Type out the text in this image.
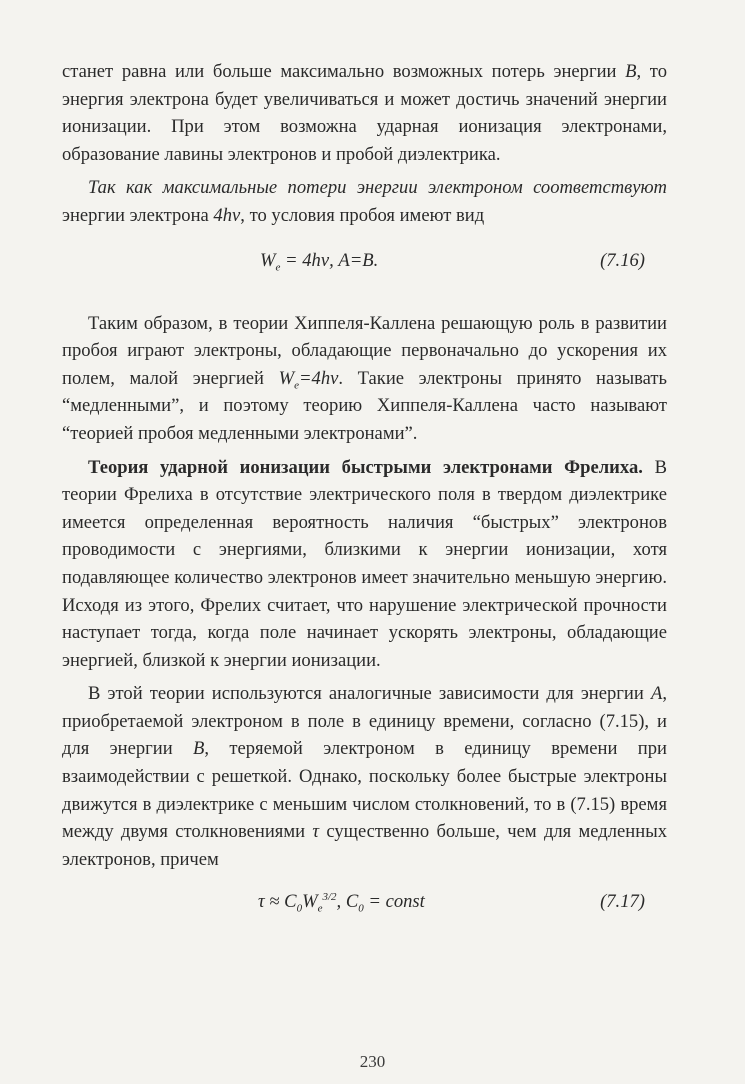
станет равна или больше максимально возможных потерь энергии B, то энергия электрона будет увеличиваться и может достичь значений энергии ионизации. При этом возможна ударная ионизация электронами, образование лавины электронов и пробой диэлектрика.

Так как максимальные потери энергии электроном соответствуют энергии электрона 4hν, то условия пробоя имеют вид

$W_e = 4h\nu$, A=B.	(7.16)

Таким образом, в теории Хиппеля-Каллена решающую роль в развитии пробоя играют электроны, обладающие первоначально до ускорения их полем, малой энергией $W_e=4h\nu$. Такие электроны принято называть “медленными”, и поэтому теорию Хиппеля-Каллена часто называют “теорией пробоя медленными электронами”.

Теория ударной ионизации быстрыми электронами Фрелиха. В теории Фрелиха в отсутствие электрического поля в твердом диэлектрике имеется определенная вероятность наличия “быстрых” электронов проводимости с энергиями, близкими к энергии ионизации, хотя подавляющее количество электронов имеет значительно меньшую энергию. Исходя из этого, Фрелих считает, что нарушение электрической прочности наступает тогда, когда поле начинает ускорять электроны, обладающие энергией, близкой к энергии ионизации.

В этой теории используются аналогичные зависимости для энергии A, приобретаемой электроном в поле в единицу времени, согласно (7.15), и для энергии B, теряемой электроном в единицу времени при взаимодействии с решеткой. Однако, поскольку более быстрые электроны движутся в диэлектрике с меньшим числом столкновений, то в (7.15) время между двумя столкновениями τ существенно больше, чем для медленных электронов, причем

$\tau \approx C_0W_e^{3/2}$, $C_0$ = const	(7.17)
230
